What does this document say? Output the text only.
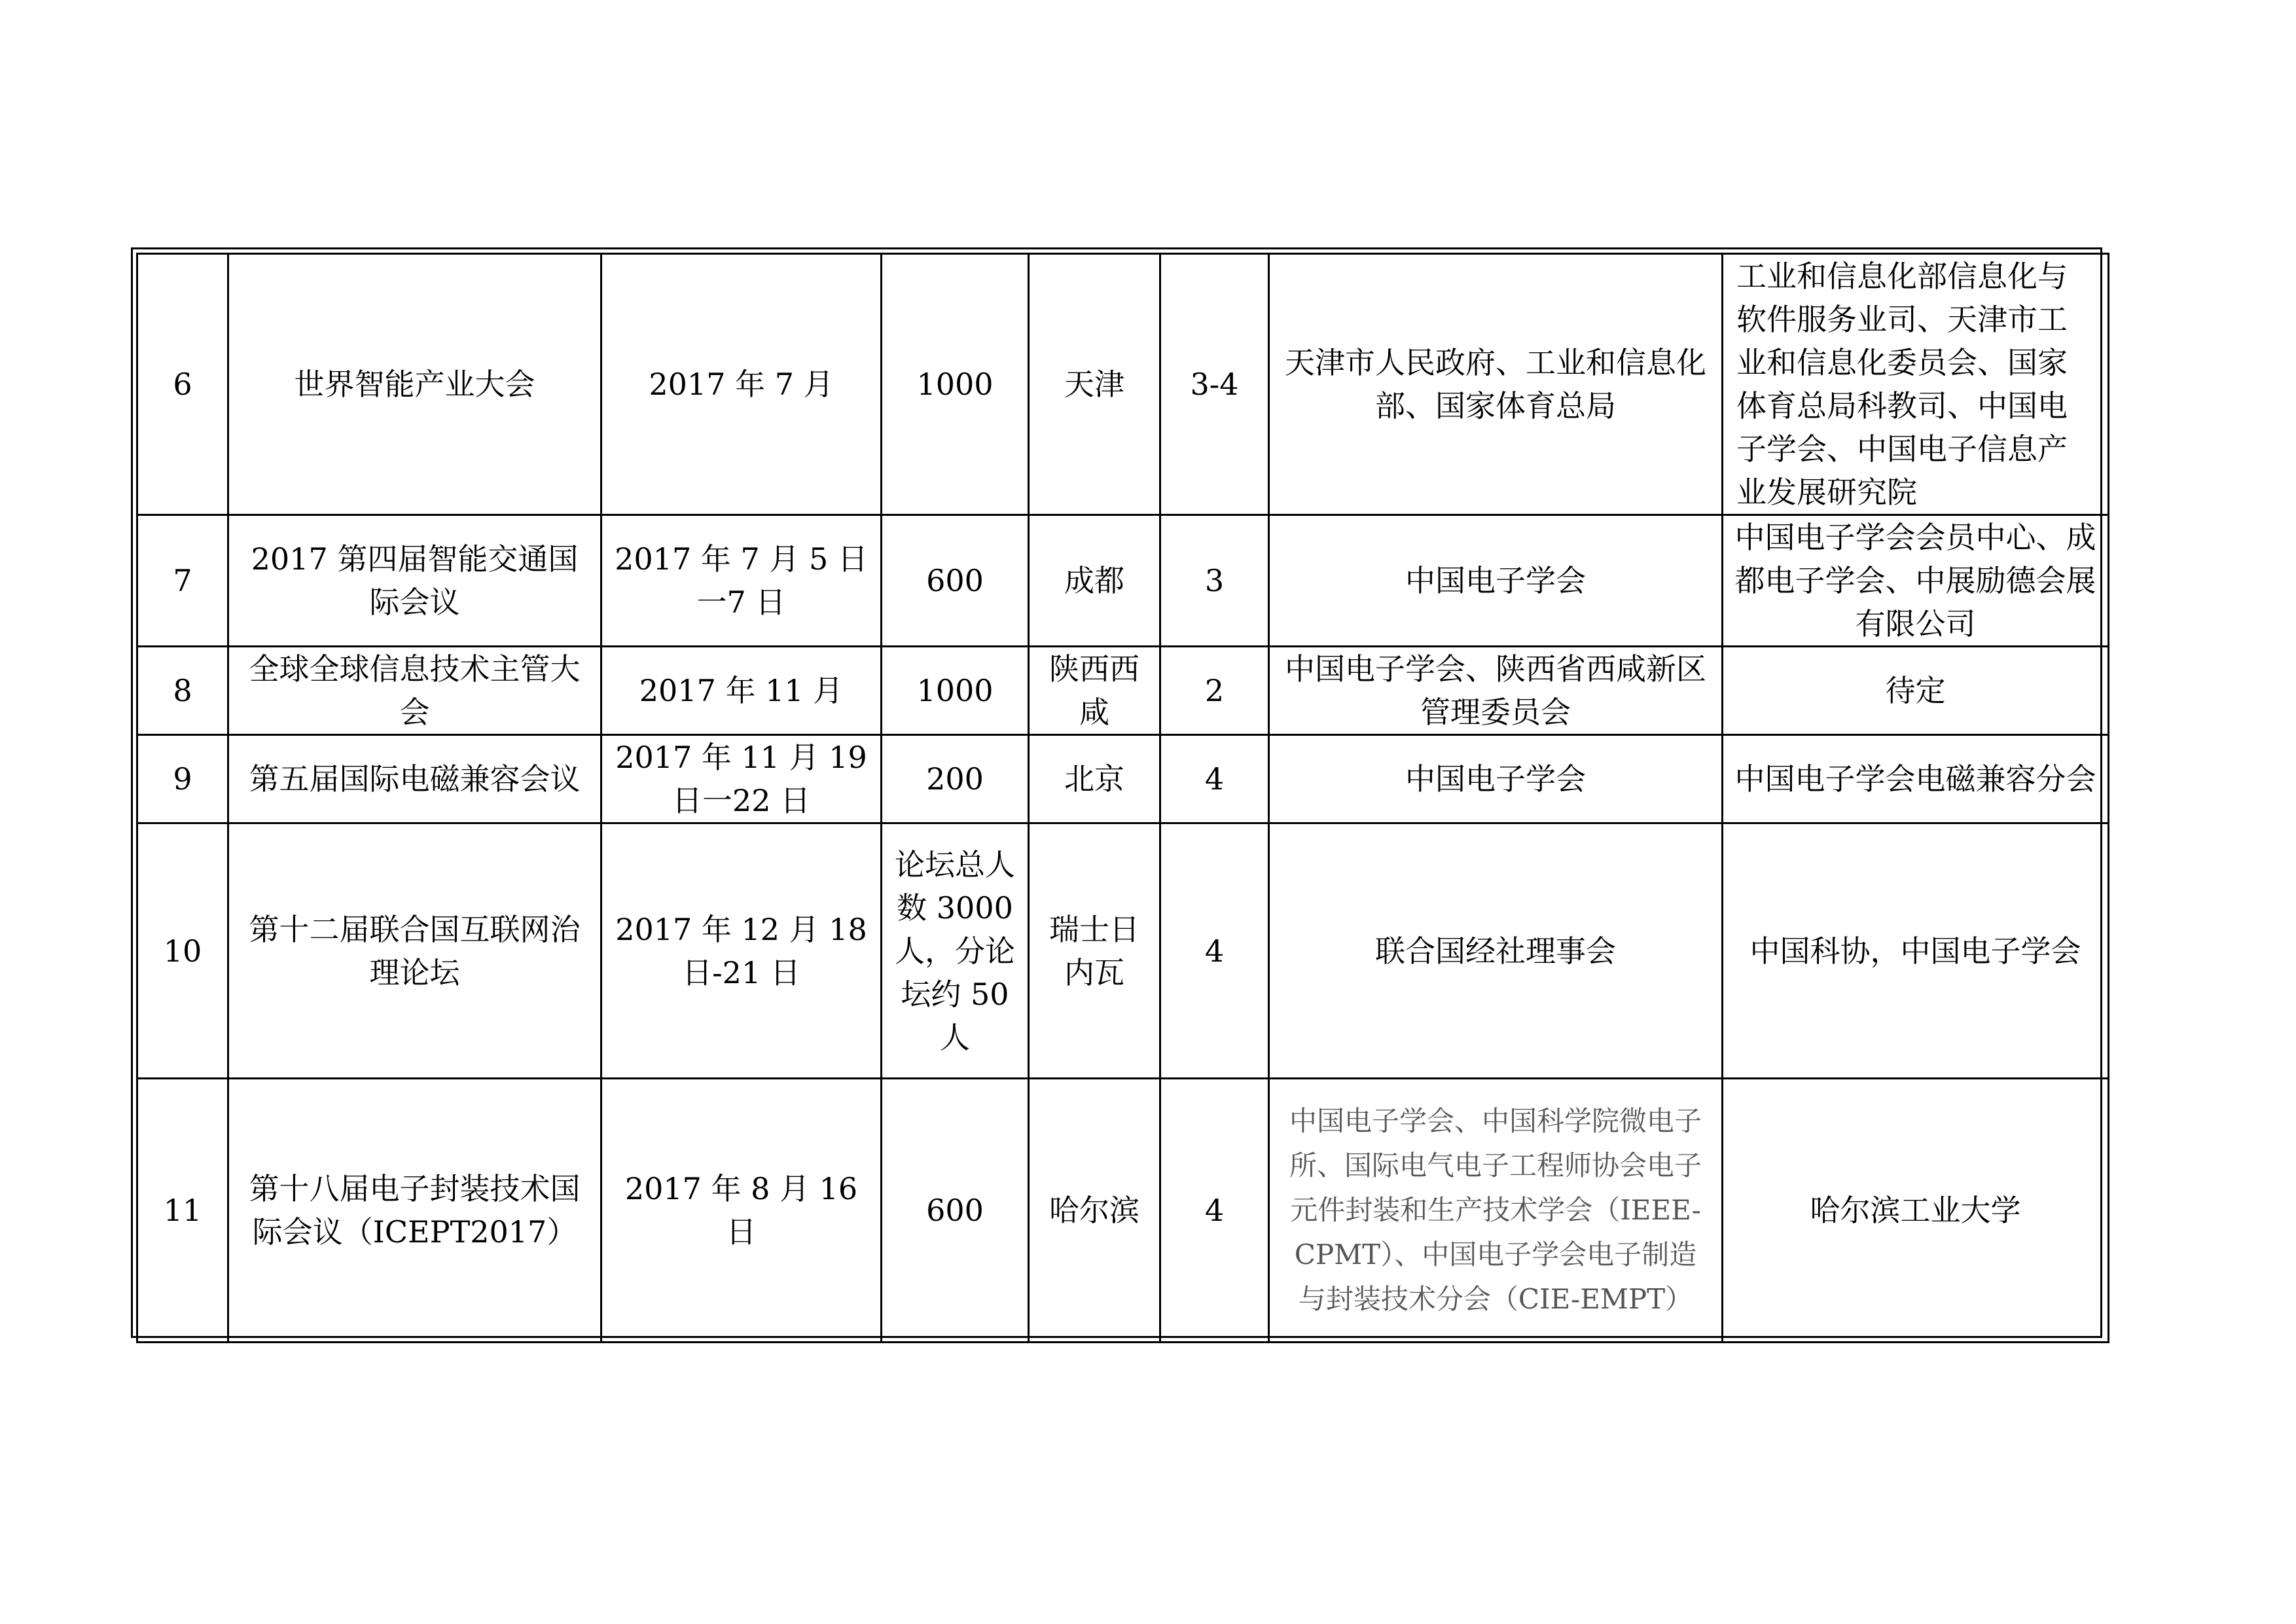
6	世界智能产业大会	2017 年 7 月	1000	天津	3-4	天津市人民政府、工业和信息化部、国家体育总局	工业和信息化部信息化与软件服务业司、天津市工业和信息化委员会、国家体育总局科教司、中国电子学会、中国电子信息产业发展研究院
7	2017 第四届智能交通国际会议	2017 年 7 月 5 日一7 日	600	成都	3	中国电子学会	中国电子学会会员中心、成都电子学会、中展励德会展有限公司
8	全球全球信息技术主管大会	2017 年 11 月	1000	陕西西咸	2	中国电子学会、陕西省西咸新区管理委员会	待定
9	第五届国际电磁兼容会议	2017 年 11 月 19 日一22 日	200	北京	4	中国电子学会	中国电子学会电磁兼容分会
10	第十二届联合国互联网治理论坛	2017 年 12 月 18 日-21 日	论坛总人数 3000 人，分论坛约 50 人	瑞士日内瓦	4	联合国经社理事会	中国科协，中国电子学会
11	第十八届电子封装技术国际会议（ICEPT2017）	2017 年 8 月 16 日	600	哈尔滨	4	中国电子学会、中国科学院微电子所、国际电气电子工程师协会电子元件封装和生产技术学会（IEEE-CPMT）、中国电子学会电子制造与封装技术分会（CIE-EMPT）	哈尔滨工业大学
